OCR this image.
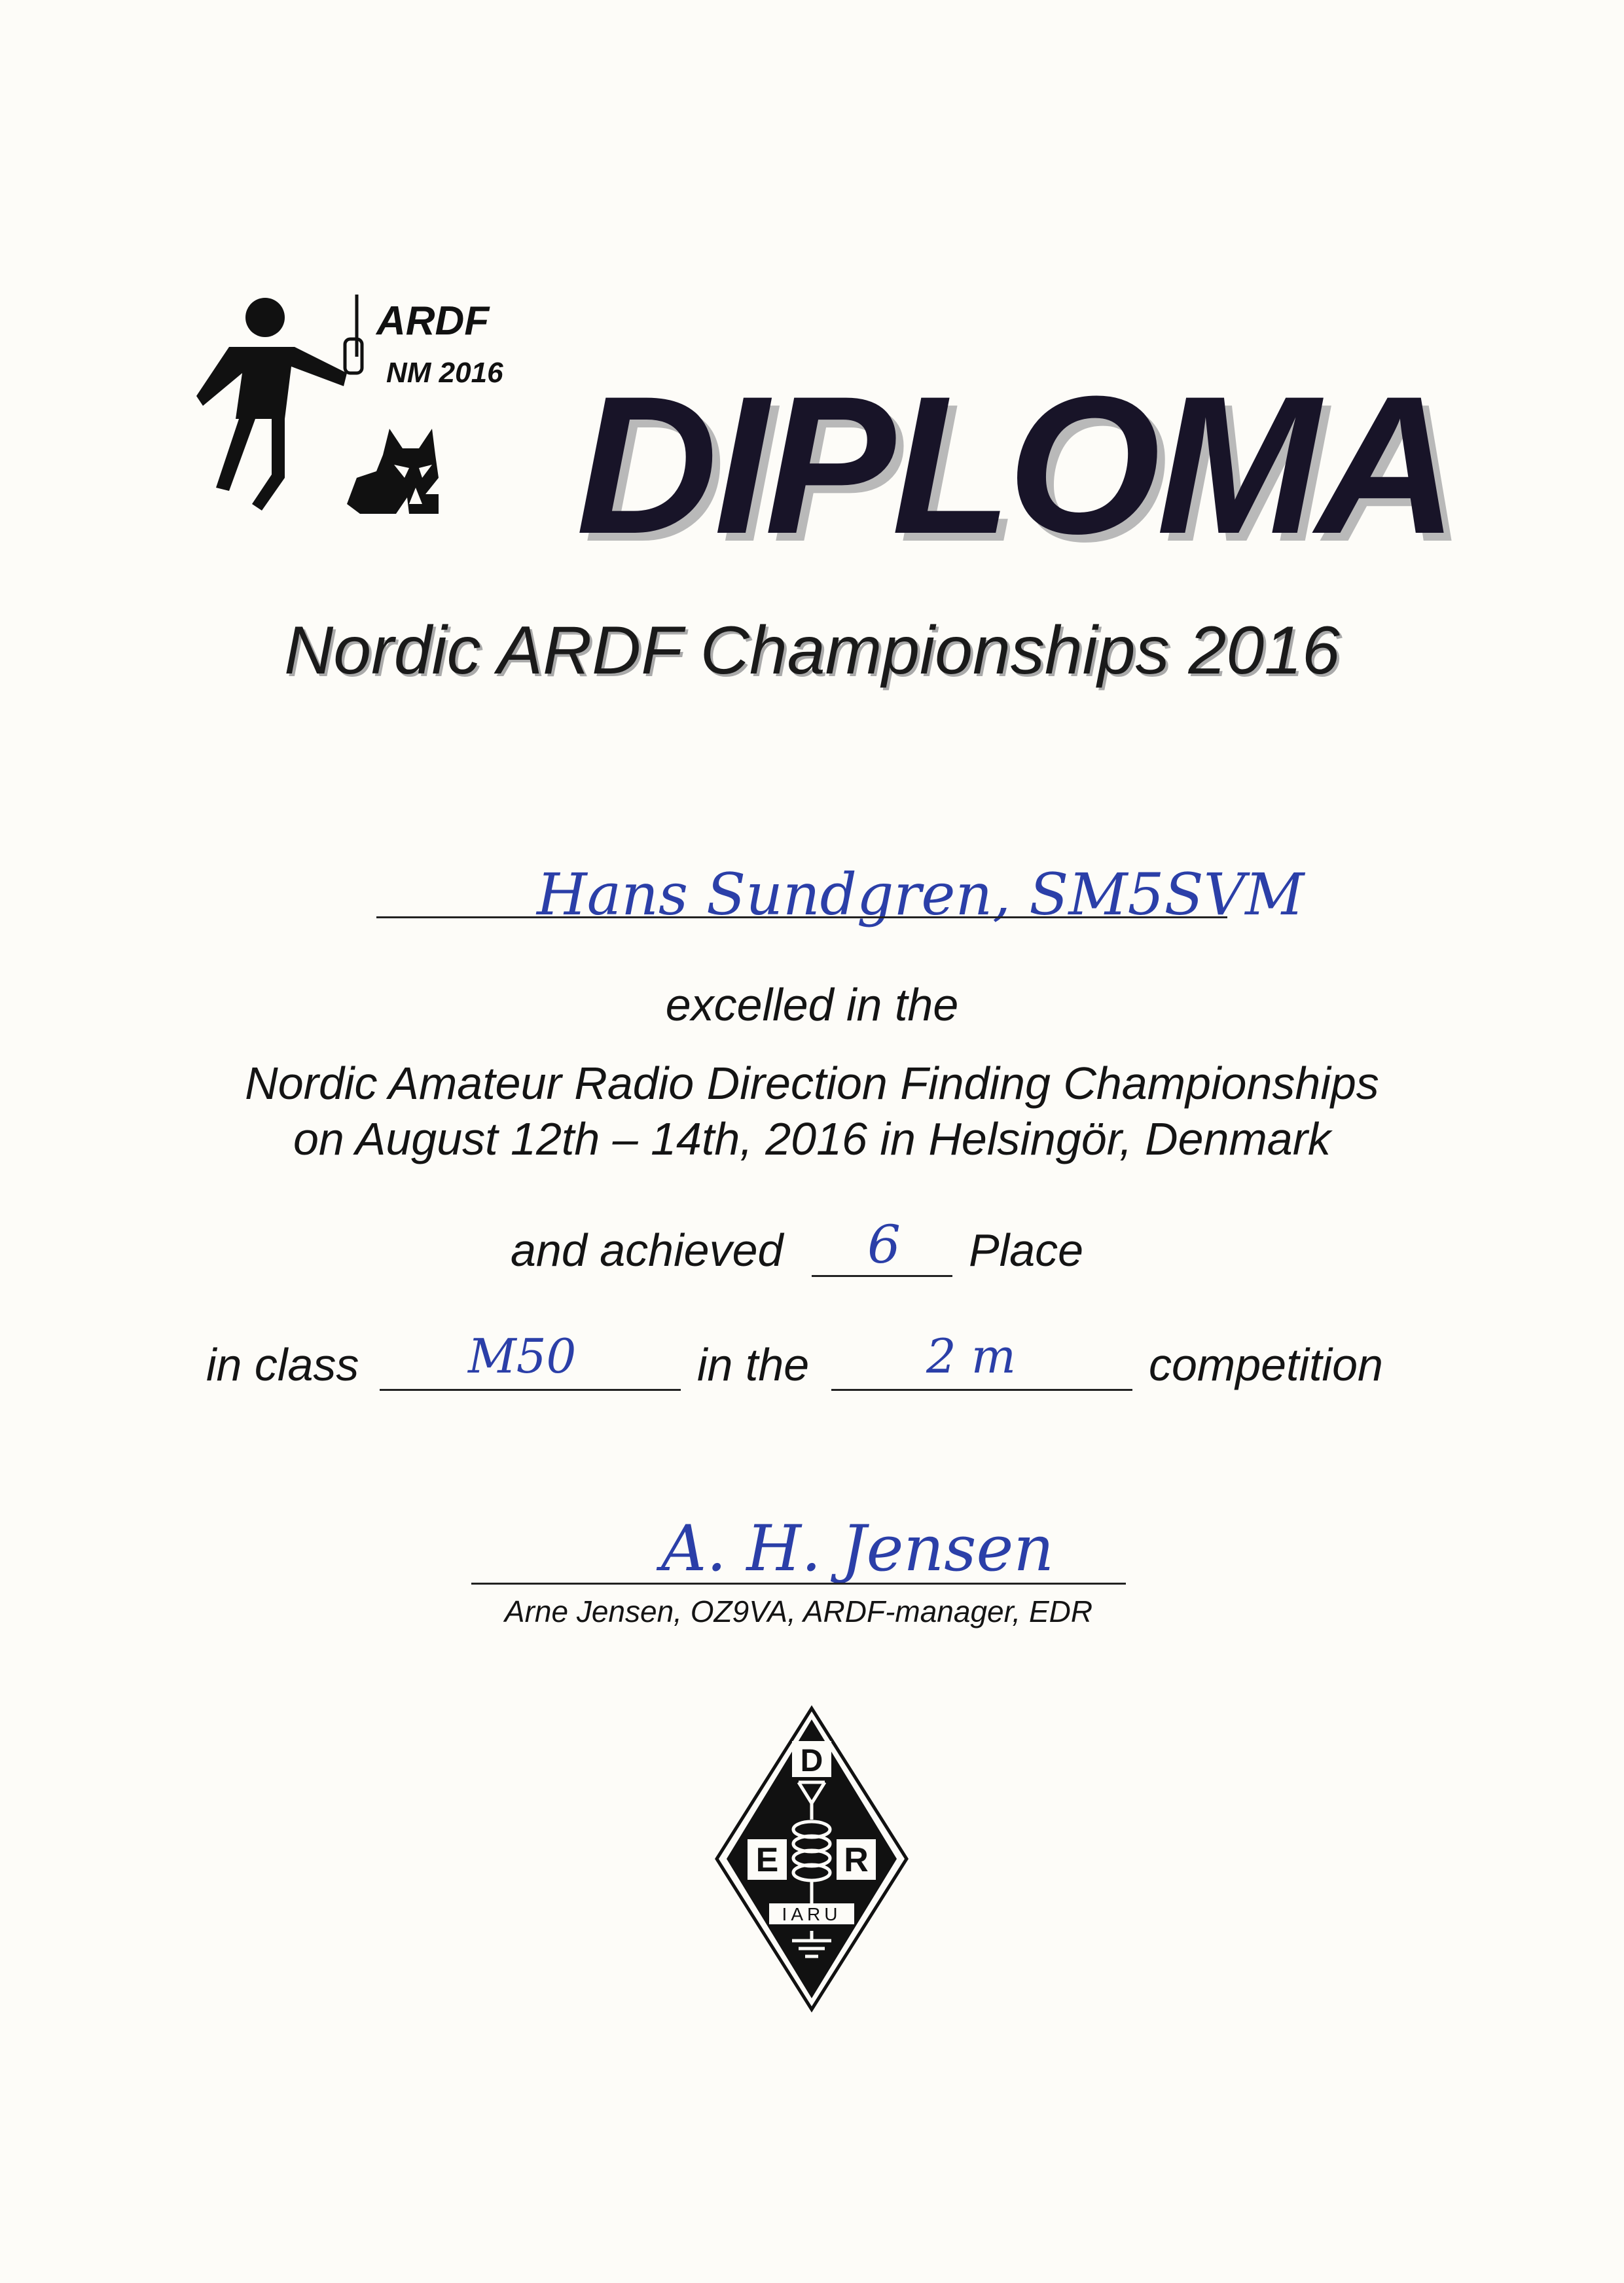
ARDF
NM 2016 DIPLOMA
Nordic ARDF Championships 2016
Hans Sundgren, SM5SVM
excelled in the
Nordic Amateur Radio Direction Finding Championships
on August 12th – 14th, 2016 in Helsingör, Denmark
and achieved 6 Place
in class M50	in the 2 m	competition
A. H. Jensen
Arne Jensen, OZ9VA, ARDF-manager, EDR
D
E R
IARU
